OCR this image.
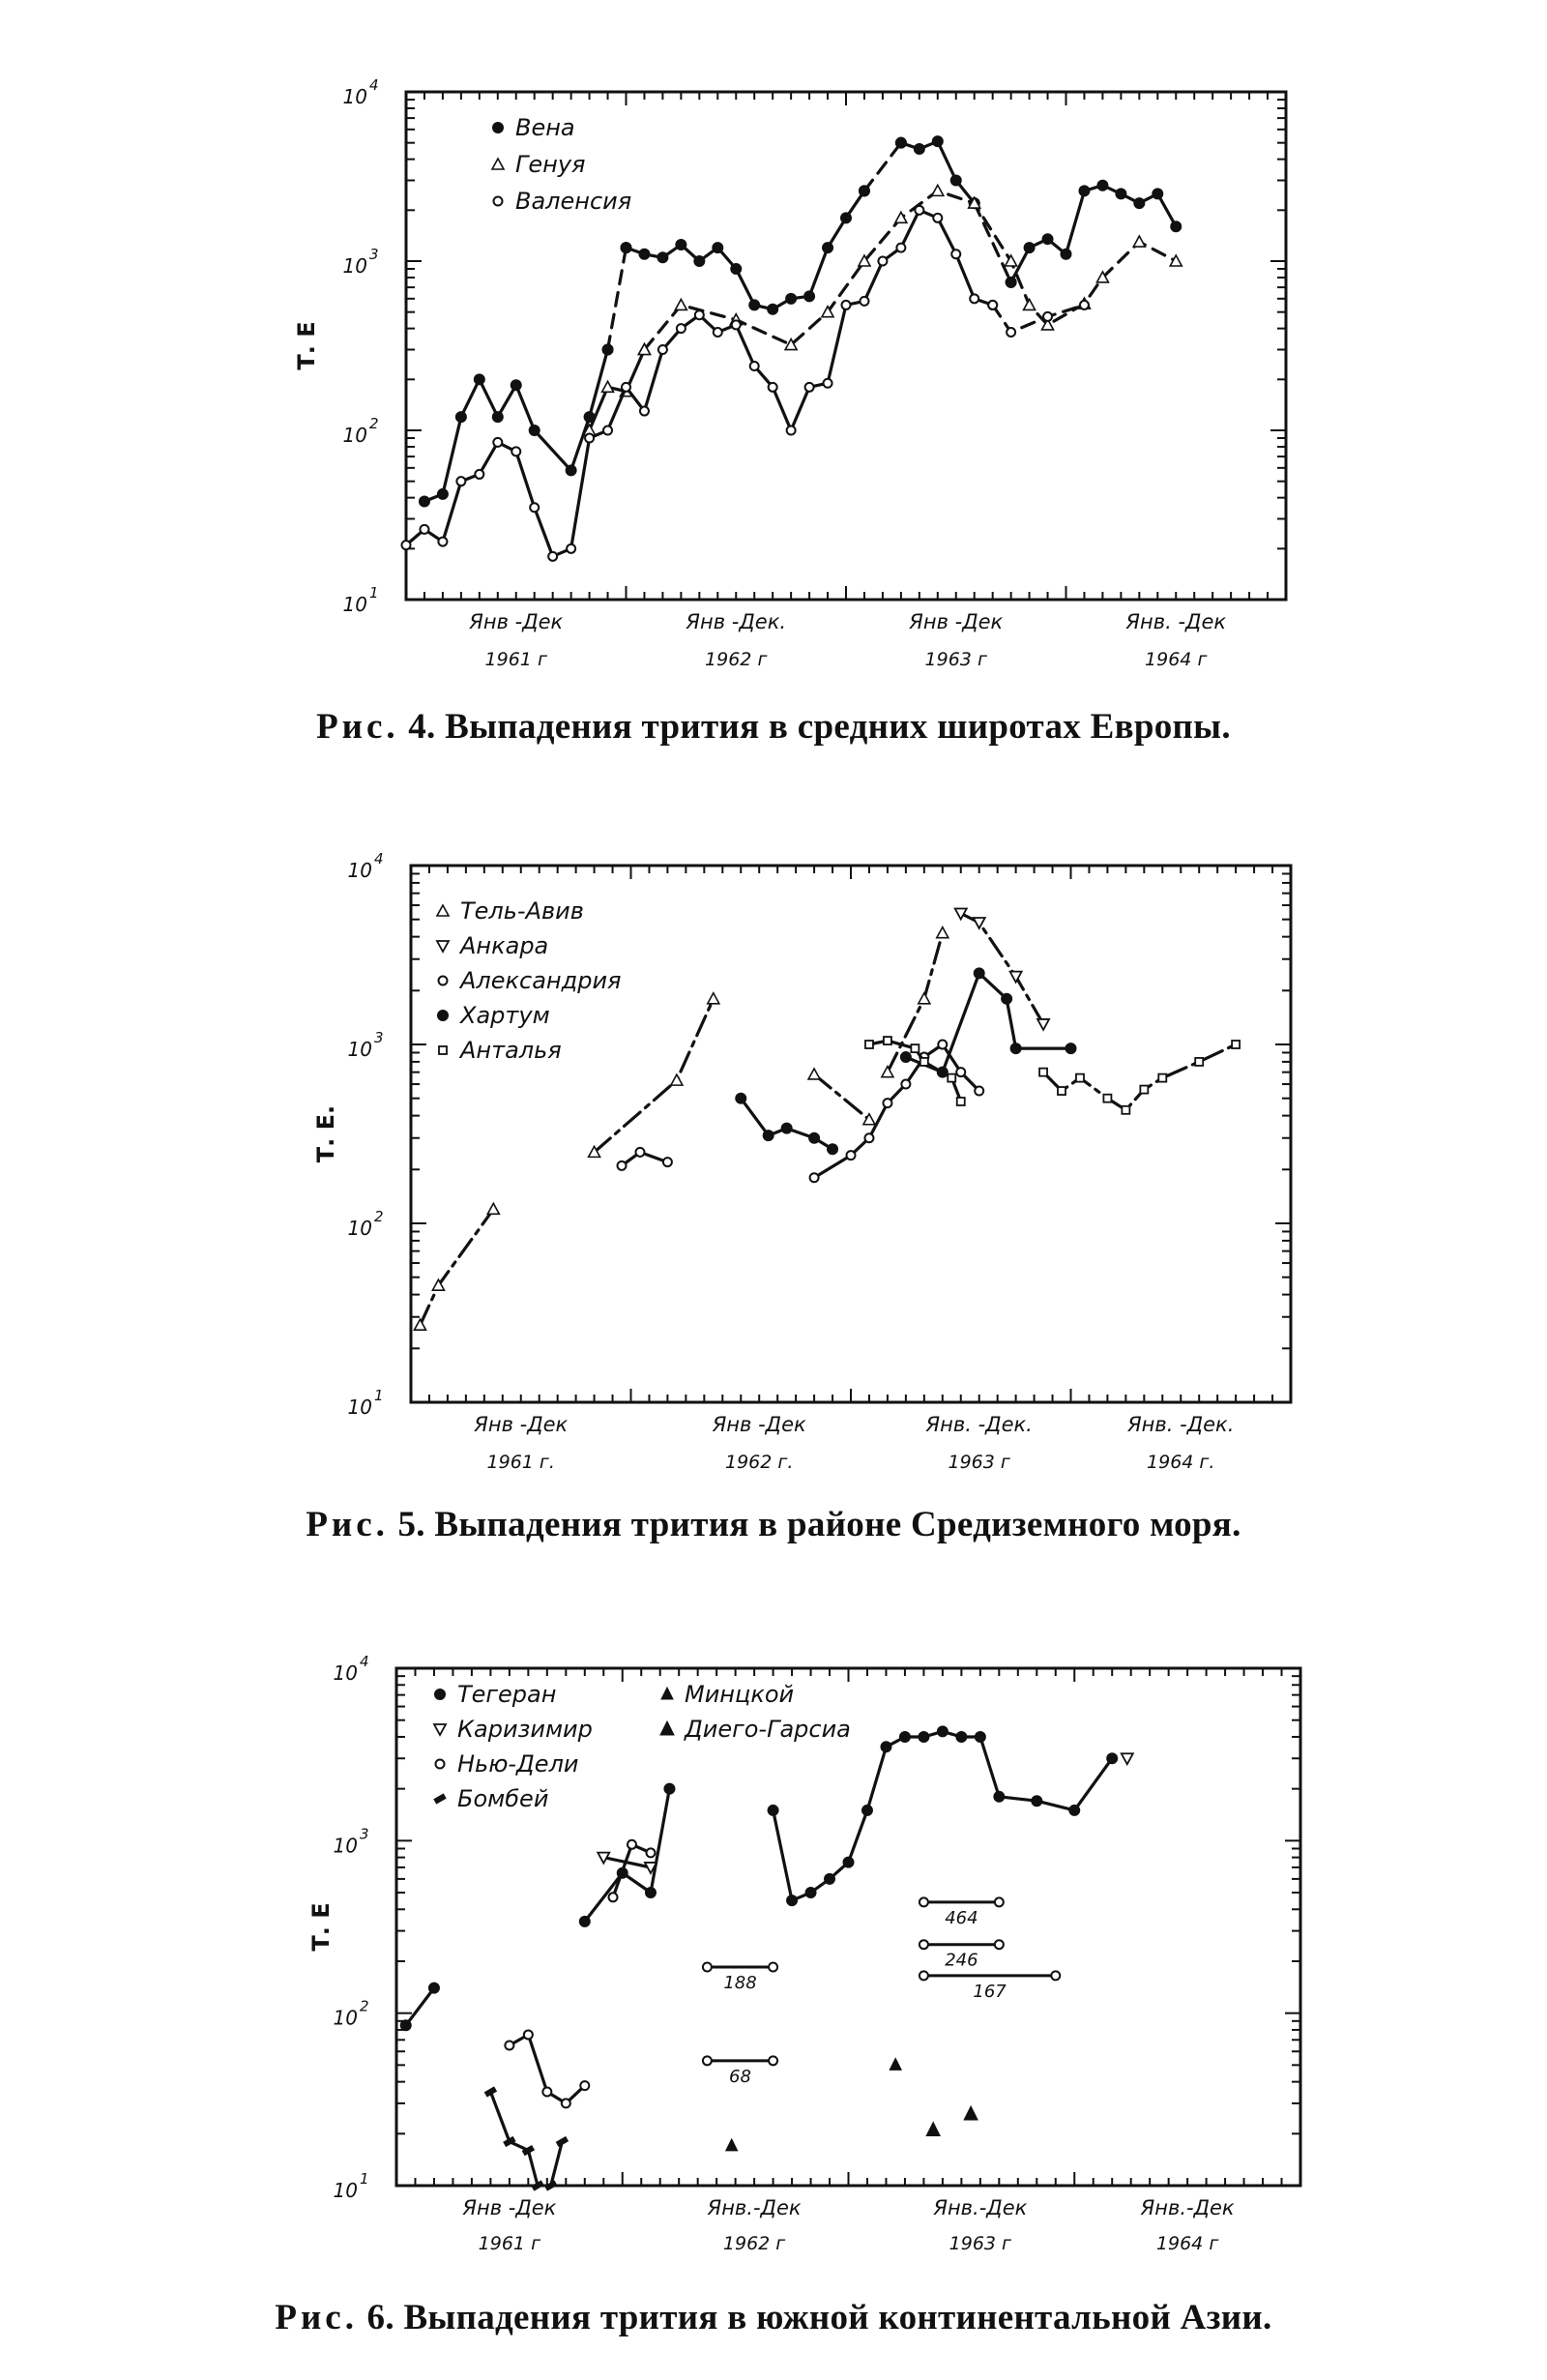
10 1
10 2
10 3
10 4
Янв -Дек
1961 г
Янв -Дек.
1962 г
Янв -Дек
1963 г
Янв. -Дек
1964 г
Т. Е
Вена
Генуя
Валенсия
Рис. 4. Выпадения трития в средних широтах Европы.
10 1
10 2
10 3
10 4
Янв -Дек
1961 г.
Янв -Дек
1962 г.
Янв. -Дек.
1963 г
Янв. -Дек.
1964 г.
Т. Е.
Тель-Авив
Анкара
Александрия
Хартум
Анталья
Рис. 5. Выпадения трития в районе Средиземного моря.
10 1
10 2
10 3
10 4
Янв -Дек
1961 г
Янв.-Дек
1962 г
Янв.-Дек
1963 г
Янв.-Дек
1964 г
Т. Е	464
246
167
188
68
Тегеран
Каризимир
Нью-Дели
Бомбей
Минцкой
Диего-Гарсиа
Рис. 6. Выпадения трития в южной континентальной Азии.
